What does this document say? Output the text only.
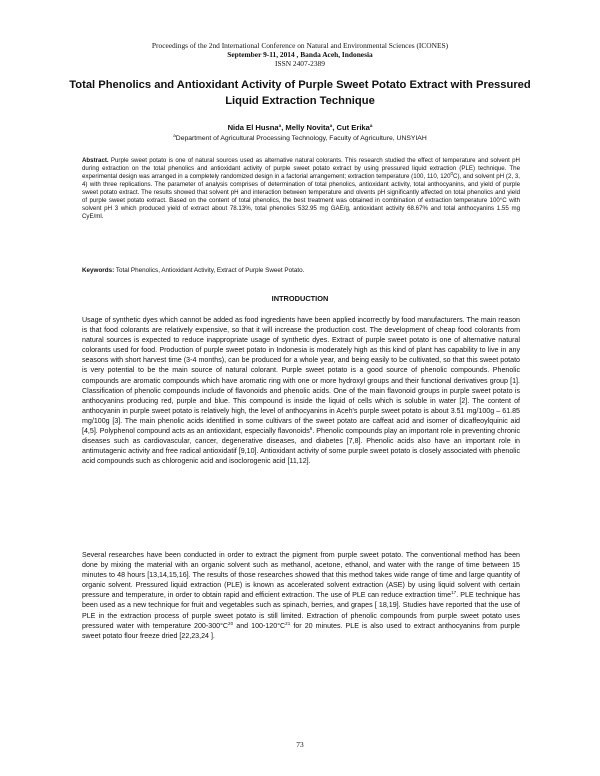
Proceedings of the 2nd International Conference on Natural and Environmental Sciences (ICONES)
September 9-11, 2014 , Banda Aceh, Indonesia
ISSN 2407-2389
Total Phenolics and Antioxidant Activity of Purple Sweet Potato Extract with Pressured Liquid Extraction Technique
Nida El Husna$^a$, Melly Novita$^a$, Cut Erika$^a$
$^a$Department of Agricultural Processing Technology, Faculty of Agriculture, UNSYIAH

Abstract. Purple sweet potato is one of natural sources used as alternative natural colorants. This research studied the effect of temperature and solvent pH during extraction on the total phenolics and antioxidant activity of purple sweet potato extract by using pressured liquid extraction (PLE) technique. The experimental design was arranged in a completely randomized design in a factorial arrangement; extraction temperature (100, 110, $120^0C$), and solvent pH (2, 3, 4) with three replications. The parameter of analysis comprises of determination of total phenolics, antioxidant activity, total anthocyanins, and yield of purple sweet potato extract. The results showed that solvent pH and interaction between temperature and olvents pH significantly affected on total phenolics and yield of purple sweet potato extract. Based on the content of total phenolics, the best treatment was obtained in combination of extraction temperature 100°C with solvent pH 3 which produced yield of extract about 78.13%, total phenolics 532.95 mg GAE/g, antioxidant activity 68.67% and total anthocyanins 1.55 mg CyE/ml.

Keywords: Total Phenolics, Antioxidant Activity, Extract of Purple Sweet Potato.

INTRODUCTION

Usage of synthetic dyes which cannot be added as food ingredients have been applied incorrectly by food manufacturers. The main reason is that food colorants are relatively expensive, so that it will increase the production cost. The development of cheap food colorants from natural sources is expected to reduce inappropriate usage of synthetic dyes. Extract of purple sweet potato is one of alternative natural colorants used for food. Production of purple sweet potato in Indonesia is moderately high as this kind of plant has capability to live in any seasons with short harvest time (3-4 months), can be produced for a whole year, and being easily to be cultivated, so that this sweet potato is very potential to be the main source of natural colorant. Purple sweet potato is a good source of phenolic compounds. Phenolic compounds are aromatic compounds which have aromatic ring with one or more hydroxyl groups and their functional derivatives group [1]. Classification of phenolic compounds include of flavonoids and phenolic acids. One of the main flavonoid groups in purple sweet potato is anthocyanins producing red, purple and blue. This compound is inside the liquid of cells which is soluble in water [2]. The content of anthocyanin in purple sweet potato is relatively high, the level of anthocyanins in Aceh's purple sweet potato is about 3.51 mg/100g – 61.85 mg/100g [3]. The main phenolic acids identified in some cultivars of the sweet potato are caffeat acid and isomer of dicaffeoylquinic aid [4,5]. Polyphenol compound acts as an antioxidant, especially flavonoids$^6$. Phenolic compounds play an important role in preventing chronic diseases such as cardiovascular, cancer, degenerative diseases, and diabetes [7,8]. Phenolic acids also have an important role in antimutagenic activity and free radical antioxidatif [9,10]. Antioxidant activity of some purple sweet potato is closely associated with phenolic acid compounds such as chlorogenic acid and isoclorogenic acid [11,12].

Several researches have been conducted in order to extract the pigment from purple sweet potato. The conventional method has been done by mixing the material with an organic solvent such as methanol, acetone, ethanol, and water with the range of time between 15 minutes to 48 hours [13,14,15,16]. The results of those researches showed that this method takes wide range of time and large quantity of organic solvent. Pressured liquid extraction (PLE) is known as accelerated solvent extraction (ASE) by using liquid solvent with certain pressure and temperature, in order to obtain rapid and efficient extraction. The use of PLE can reduce extraction time$^{17}$. PLE technique has been used as a new technique for fruit and vegetables such as spinach, berries, and grapes [ 18,19]. Studies have reported that the use of PLE in the extraction process of purple sweet potato is still limited. Extraction of phenolic compounds from purple sweet potato uses pressured water with temperature $200-300^\circ C^{20}$ and $100-120^\circ C^{21}$ for 20 minutes. PLE is also used to extract anthocyanins from purple sweet potato flour freeze dried [22,23,24 ].

73
